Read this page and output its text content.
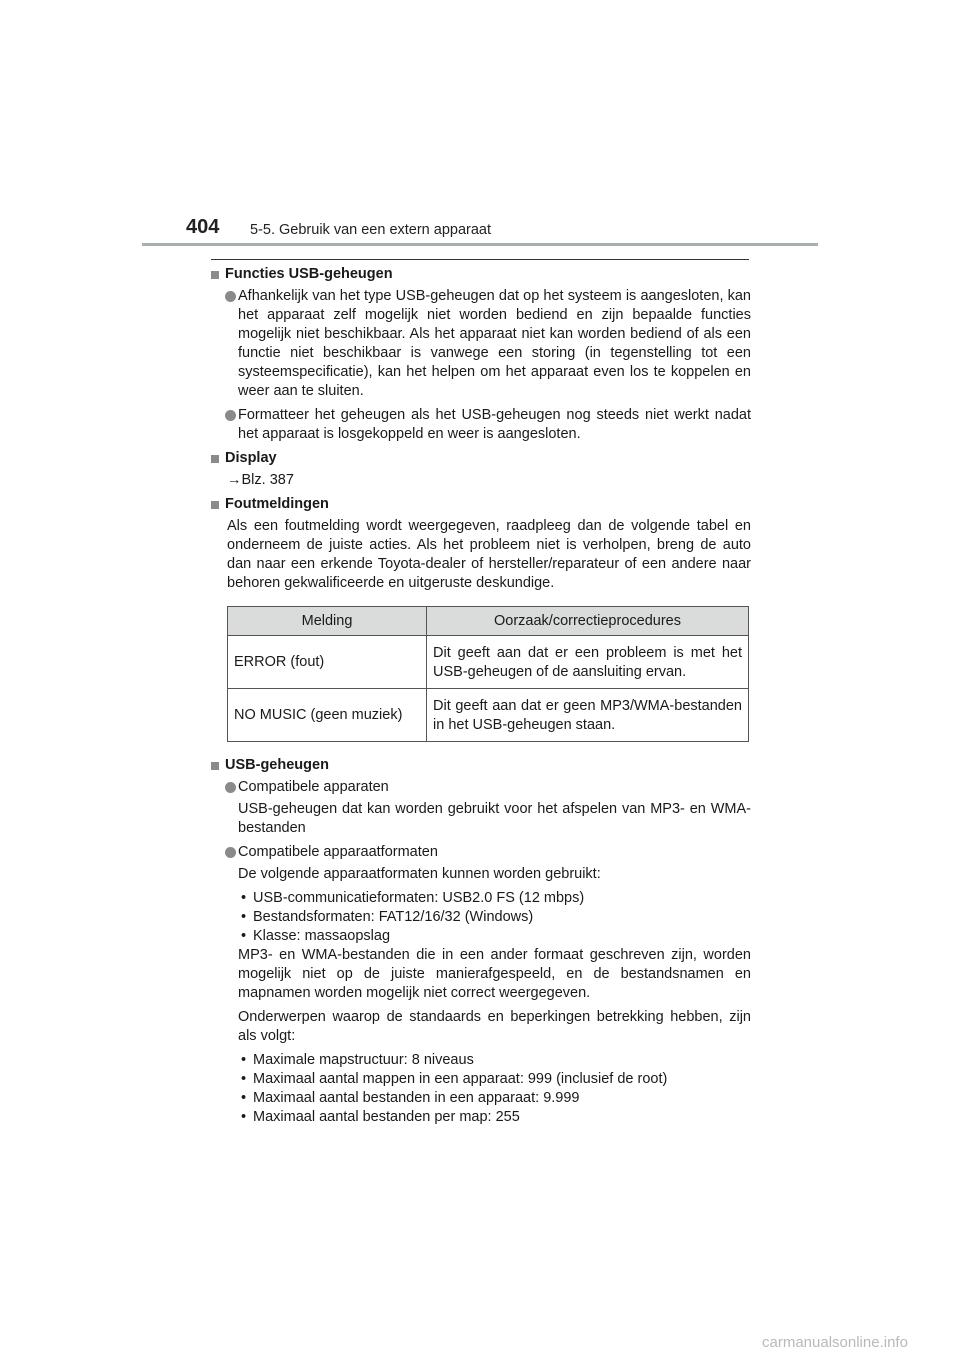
404 5-5. Gebruik van een extern apparaat
Functies USB-geheugen
Afhankelijk van het type USB-geheugen dat op het systeem is aangesloten, kan het apparaat zelf mogelijk niet worden bediend en zijn bepaalde functies mogelijk niet beschikbaar. Als het apparaat niet kan worden bediend of als een functie niet beschikbaar is vanwege een storing (in tegenstelling tot een systeemspecificatie), kan het helpen om het apparaat even los te koppelen en weer aan te sluiten.
Formatteer het geheugen als het USB-geheugen nog steeds niet werkt nadat het apparaat is losgekoppeld en weer is aangesloten.
Display
→Blz. 387
Foutmeldingen
Als een foutmelding wordt weergegeven, raadpleeg dan de volgende tabel en onderneem de juiste acties. Als het probleem niet is verholpen, breng de auto dan naar een erkende Toyota-dealer of hersteller/reparateur of een andere naar behoren gekwalificeerde en uitgeruste deskundige.
Melding	Oorzaak/correctieprocedures
ERROR (fout)	Dit geeft aan dat er een probleem is met het USB-geheugen of de aansluiting ervan.
NO MUSIC (geen muziek)	Dit geeft aan dat er geen MP3/WMA-bestanden in het USB-geheugen staan.
USB-geheugen
Compatibele apparaten
USB-geheugen dat kan worden gebruikt voor het afspelen van MP3- en WMA-bestanden
Compatibele apparaatformaten
De volgende apparaatformaten kunnen worden gebruikt:
• USB-communicatieformaten: USB2.0 FS (12 mbps)
• Bestandsformaten: FAT12/16/32 (Windows)
• Klasse: massaopslag
MP3- en WMA-bestanden die in een ander formaat geschreven zijn, worden mogelijk niet op de juiste manierafgespeeld, en de bestandsnamen en mapnamen worden mogelijk niet correct weergegeven.
Onderwerpen waarop de standaards en beperkingen betrekking hebben, zijn als volgt:
• Maximale mapstructuur: 8 niveaus
• Maximaal aantal mappen in een apparaat: 999 (inclusief de root)
• Maximaal aantal bestanden in een apparaat: 9.999
• Maximaal aantal bestanden per map: 255
carmanualsonline.info
